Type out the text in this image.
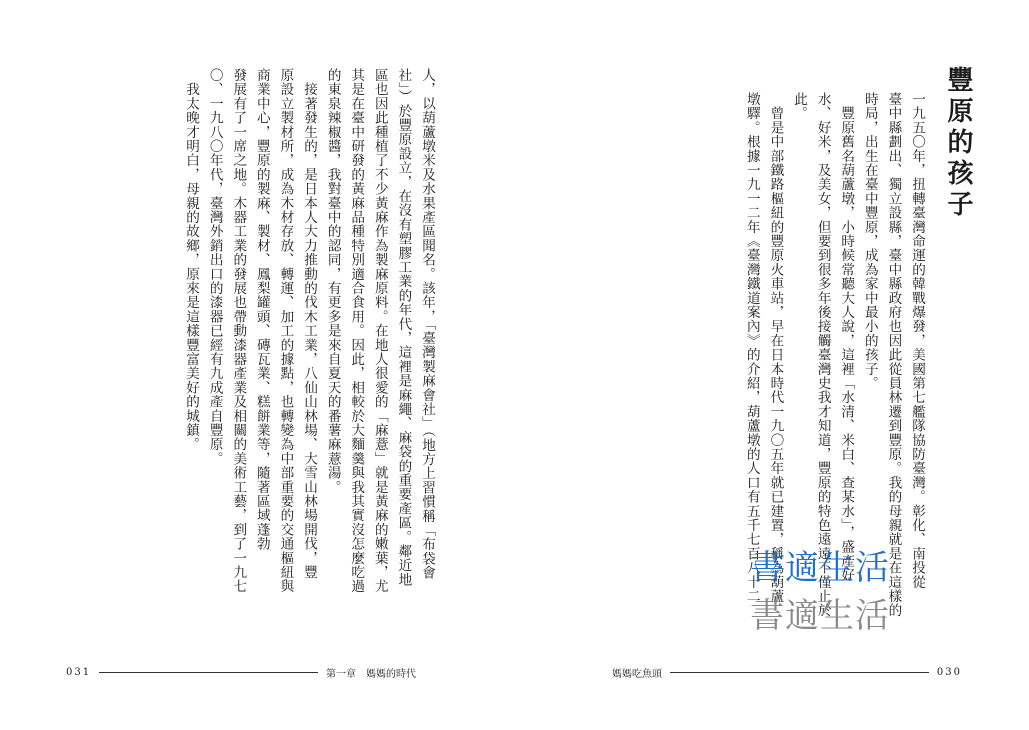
人，以葫蘆墩米及水果產區聞名。該年，「臺灣製麻會社」（地方上習慣稱「布袋會
社」）於豐原設立，在沒有塑膠工業的年代，這裡是麻繩、麻袋的重要產區。鄰近地
區也因此種植了不少黃麻作為製麻原料。在地人很愛的「麻薏」就是黃麻的嫩葉，尤
其是在臺中研發的黃麻品種特別適合食用。因此，相較於大麵羹與我其實沒怎麼吃過
的東泉辣椒醬，我對臺中的認同，有更多是來自夏天的番薯麻薏湯。
　接著發生的，是日本人大力推動的伐木工業，八仙山林場、大雪山林場開伐，豐
原設立製材所，成為木材存放、轉運、加工的據點，也轉變為中部重要的交通樞紐與
商業中心，豐原的製麻、製材、鳳梨罐頭、磚瓦業、糕餅業等，隨著區域蓬勃
發展有了一席之地。木器工業的發展也帶動漆器產業及相關的美術工藝，到了一九七
〇、一九八〇年代，臺灣外銷出口的漆器已經有九成產自豐原。
　我太晚才明白，母親的故鄉，原來是這樣豐富美好的城鎮。
031	第一章　媽媽的時代
豐原的孩子
一九五〇年，扭轉臺灣命運的韓戰爆發，美國第七艦隊協防臺灣。彰化、南投從
臺中縣劃出、獨立設縣，臺中縣政府也因此從員林遷到豐原。我的母親就是在這樣的
時局，出生在臺中豐原，成為家中最小的孩子。
　豐原舊名葫蘆墩，小時候常聽大人說，這裡「水清、米白、查某水」，盛產好
水、好米，及美女，但要到很多年後接觸臺灣史我才知道，豐原的特色遠遠不僅止於
此。
　曾是中部鐵路樞紐的豐原火車站，早在日本時代一九〇五年就已建置，稱為葫蘆
墩驛。根據一九一二年《臺灣鐵道案內》的介紹，葫蘆墩的人口有五千七百八十二
書適生活
書適生活
媽媽吃魚頭	030
